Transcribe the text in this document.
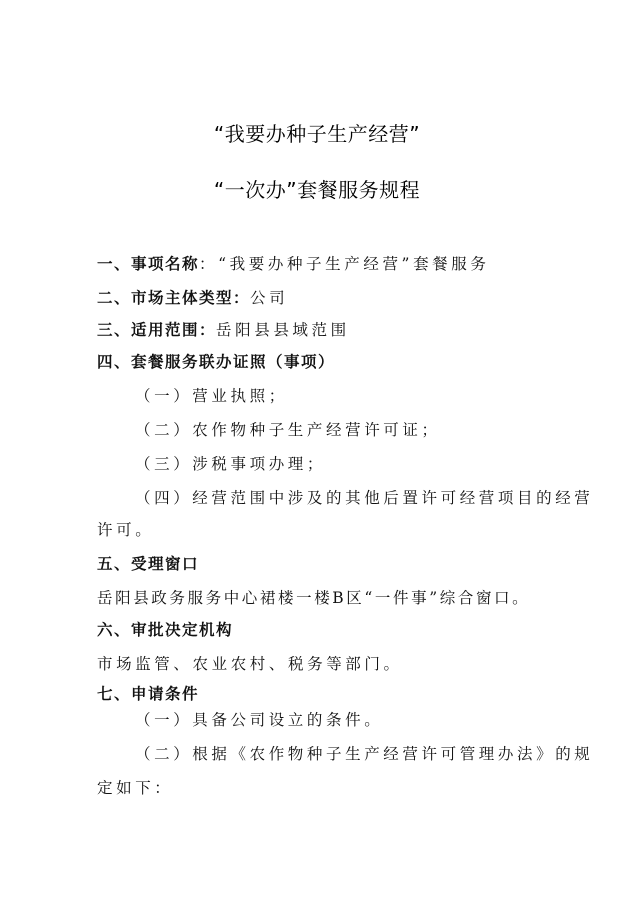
“我要办种子生产经营”
“一次办”套餐服务规程
一、事项名称：“我要办种子生产经营”套餐服务
二、市场主体类型：公司
三、适用范围：岳阳县县域范围
四、套餐服务联办证照（事项）
（一）营业执照；
（二）农作物种子生产经营许可证；
（三）涉税事项办理；
（四）经营范围中涉及的其他后置许可经营项目的经营
许可。
五、受理窗口
岳阳县政务服务中心裙楼一楼B区“一件事”综合窗口。
六、审批决定机构
市场监管、农业农村、税务等部门。
七、申请条件
（一）具备公司设立的条件。
（二）根据《农作物种子生产经营许可管理办法》的规
定如下：
